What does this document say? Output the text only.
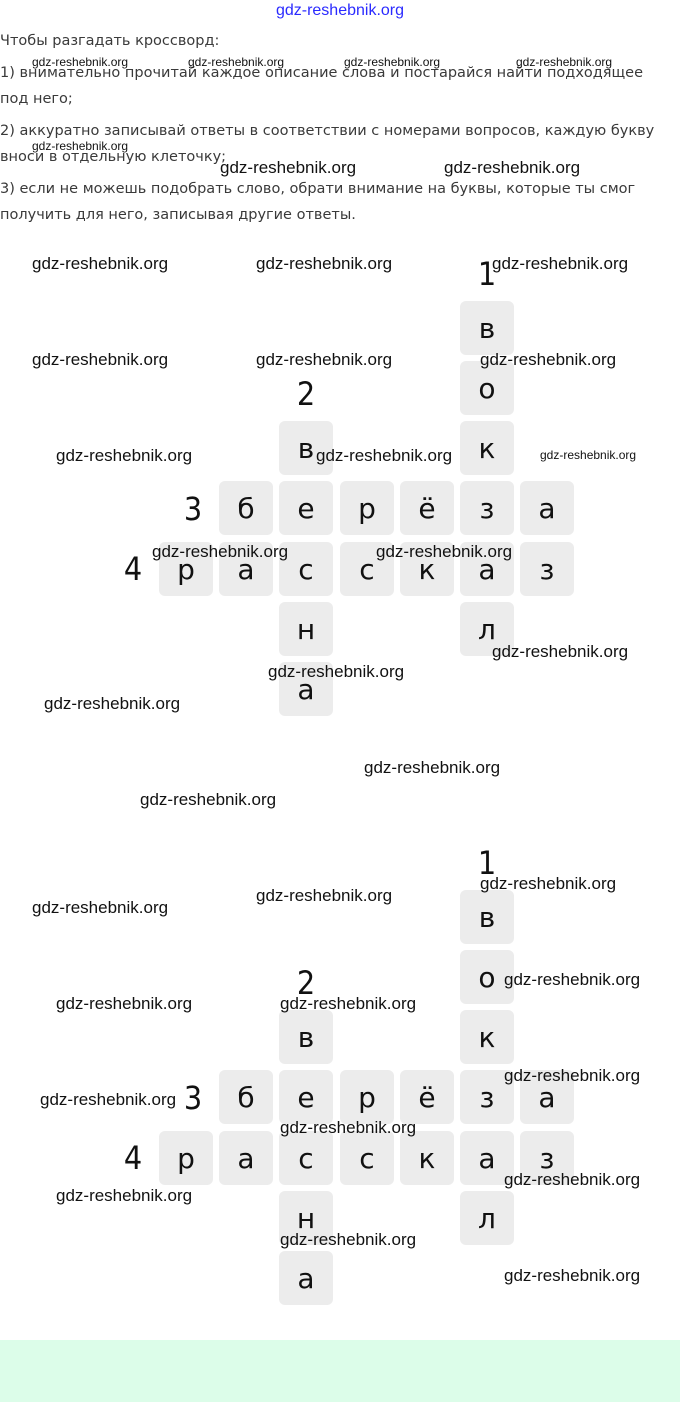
gdz-reshebnik.org

Чтобы разгадать кроссворд:

1) внимательно прочитай каждое описание слова и постарайся найти подходящее под него;

2) аккуратно записывай ответы в соответствии с номерами вопросов, каждую букву вноси в отдельную клеточку;

3) если не можешь подобрать слово, обрати внимание на буквы, которые ты смог получить для него, записывая другие ответы.

1
2
3
4
в
о
к
л
в
н
а
б	е	р	ё	з	а
р	а	с	с	к	а	з
1
2
3
4
в
о
к
л
в
н
а
б	е	р	ё	з	а
р	а	с	с	к	а	з
gdz-reshebnik.org	gdz-reshebnik.org	gdz-reshebnik.org	gdz-reshebnik.org
gdz-reshebnik.org
gdz-reshebnik.org	gdz-reshebnik.org
gdz-reshebnik.org	gdz-reshebnik.org	gdz-reshebnik.org
gdz-reshebnik.org	gdz-reshebnik.org	gdz-reshebnik.org
gdz-reshebnik.org	gdz-reshebnik.org	gdz-reshebnik.org
gdz-reshebnik.org	gdz-reshebnik.org
gdz-reshebnik.org
gdz-reshebnik.org
gdz-reshebnik.org
gdz-reshebnik.org
gdz-reshebnik.org
gdz-reshebnik.org
gdz-reshebnik.org
gdz-reshebnik.org
gdz-reshebnik.org
gdz-reshebnik.org	gdz-reshebnik.org
gdz-reshebnik.org
gdz-reshebnik.org
gdz-reshebnik.org
gdz-reshebnik.org
gdz-reshebnik.org
gdz-reshebnik.org
gdz-reshebnik.org
